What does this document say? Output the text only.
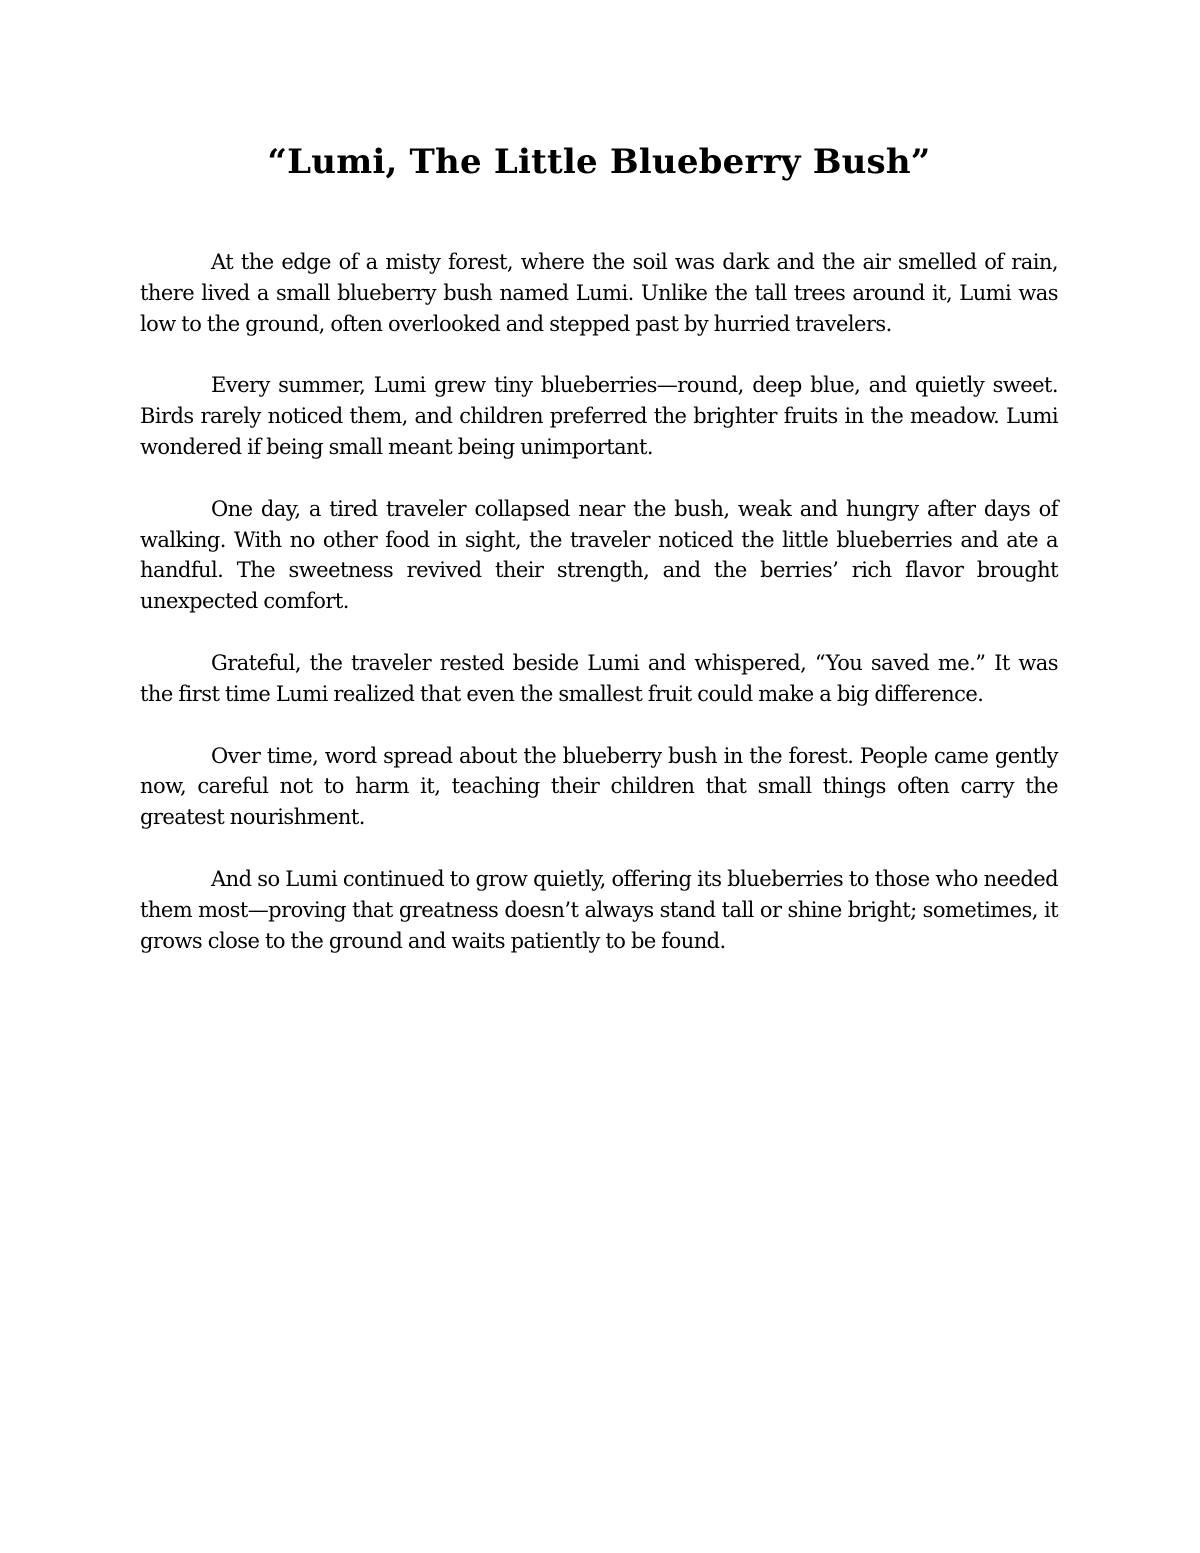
“Lumi, The Little Blueberry Bush”

At the edge of a misty forest, where the soil was dark and the air smelled of rain, there lived a small blueberry bush named Lumi. Unlike the tall trees around it, Lumi was low to the ground, often overlooked and stepped past by hurried travelers.

Every summer, Lumi grew tiny blueberries—round, deep blue, and quietly sweet. Birds rarely noticed them, and children preferred the brighter fruits in the meadow. Lumi wondered if being small meant being unimportant.

One day, a tired traveler collapsed near the bush, weak and hungry after days of walking. With no other food in sight, the traveler noticed the little blueberries and ate a handful. The sweetness revived their strength, and the berries’ rich flavor brought unexpected comfort.

Grateful, the traveler rested beside Lumi and whispered, “You saved me.” It was the first time Lumi realized that even the smallest fruit could make a big difference.

Over time, word spread about the blueberry bush in the forest. People came gently now, careful not to harm it, teaching their children that small things often carry the greatest nourishment.

And so Lumi continued to grow quietly, offering its blueberries to those who needed them most—proving that greatness doesn’t always stand tall or shine bright; sometimes, it grows close to the ground and waits patiently to be found.
